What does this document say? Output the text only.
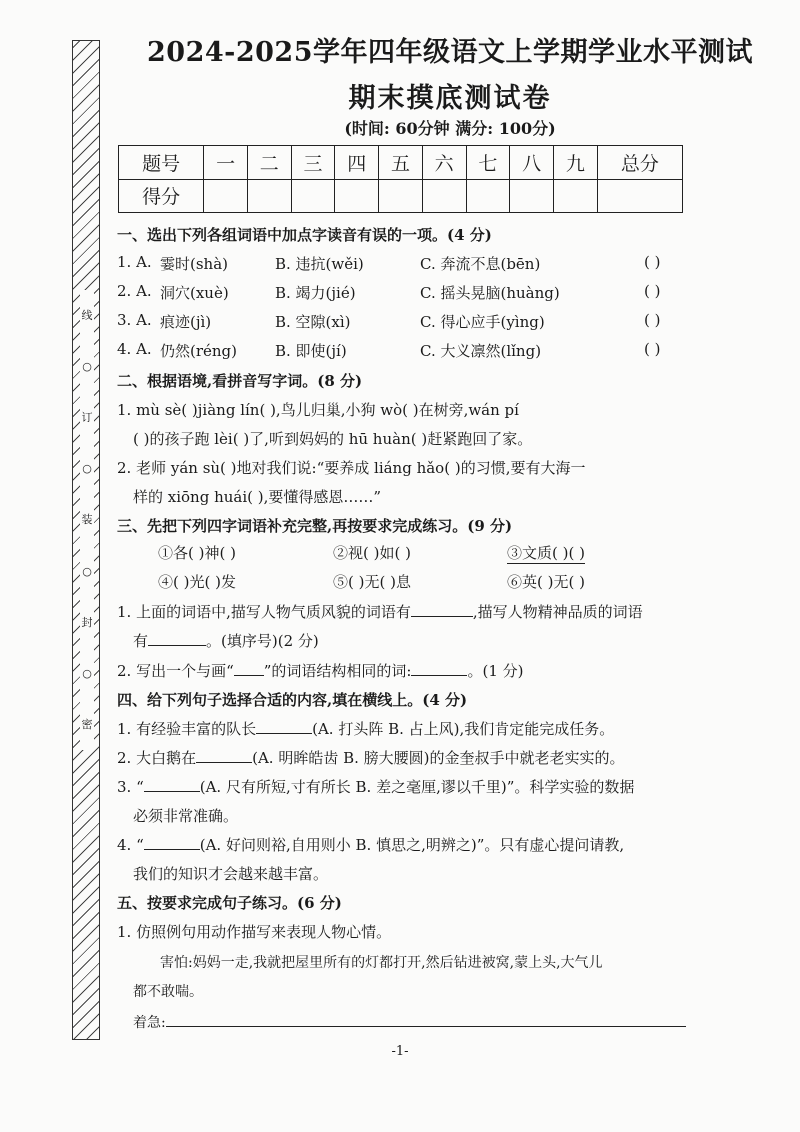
线
○
订
○
装
○
封
○
密
2024-2025学年四年级语文上学期学业水平测试
期末摸底测试卷
(时间: 60分钟 满分: 100分)
题号	一	二	三	四	五	六	七	八	九	总分
得分										
一、选出下列各组词语中加点字读音有误的一项。(4 分)
1. A. 霎时(shà)	B. 违抗(wěi)	C. 奔流不息(bēn)	( )
2. A. 洞穴(xuè)	B. 竭力(jié)	C. 摇头晃脑(huàng)	( )
3. A. 痕迹(jì)	B. 空隙(xì)	C. 得心应手(yìng)	( )
4. A. 仍然(réng)	B. 即使(jí)	C. 大义凛然(lǐng)	( )
二、根据语境,看拼音写字词。(8 分)
1. mù sè( )jiàng lín( ),鸟儿归巢,小狗 wò( )在树旁,wán pí
( )的孩子跑 lèi( )了,听到妈妈的 hū huàn( )赶紧跑回了家。
2. 老师 yán sù( )地对我们说:“要养成 liáng hǎo( )的习惯,要有大海一
样的 xiōng huái( ),要懂得感恩……”
三、先把下列四字词语补充完整,再按要求完成练习。(9 分)
①各( )神( )	②视( )如( )	③文质( )( )
④( )光( )发	⑤( )无( )息	⑥英( )无( )
1. 上面的词语中,描写人物气质风貌的词语有	,描写人物精神品质的词语
有	。(填序号)(2 分)
2. 写出一个与画“ ”的词语结构相同的词:	。(1 分)
四、给下列句子选择合适的内容,填在横线上。(4 分)
1. 有经验丰富的队长	(A. 打头阵 B. 占上风),我们肯定能完成任务。
2. 大白鹅在	(A. 明眸皓齿 B. 膀大腰圆)的金奎叔手中就老老实实的。
3. “	(A. 尺有所短,寸有所长 B. 差之毫厘,谬以千里)”。科学实验的数据
必须非常准确。
4. “	(A. 好问则裕,自用则小 B. 慎思之,明辨之)”。只有虚心提问请教,
我们的知识才会越来越丰富。
五、按要求完成句子练习。(6 分)
1. 仿照例句用动作描写来表现人物心情。
害怕:妈妈一走,我就把屋里所有的灯都打开,然后钻进被窝,蒙上头,大气儿
都不敢喘。
着急:
-1-
